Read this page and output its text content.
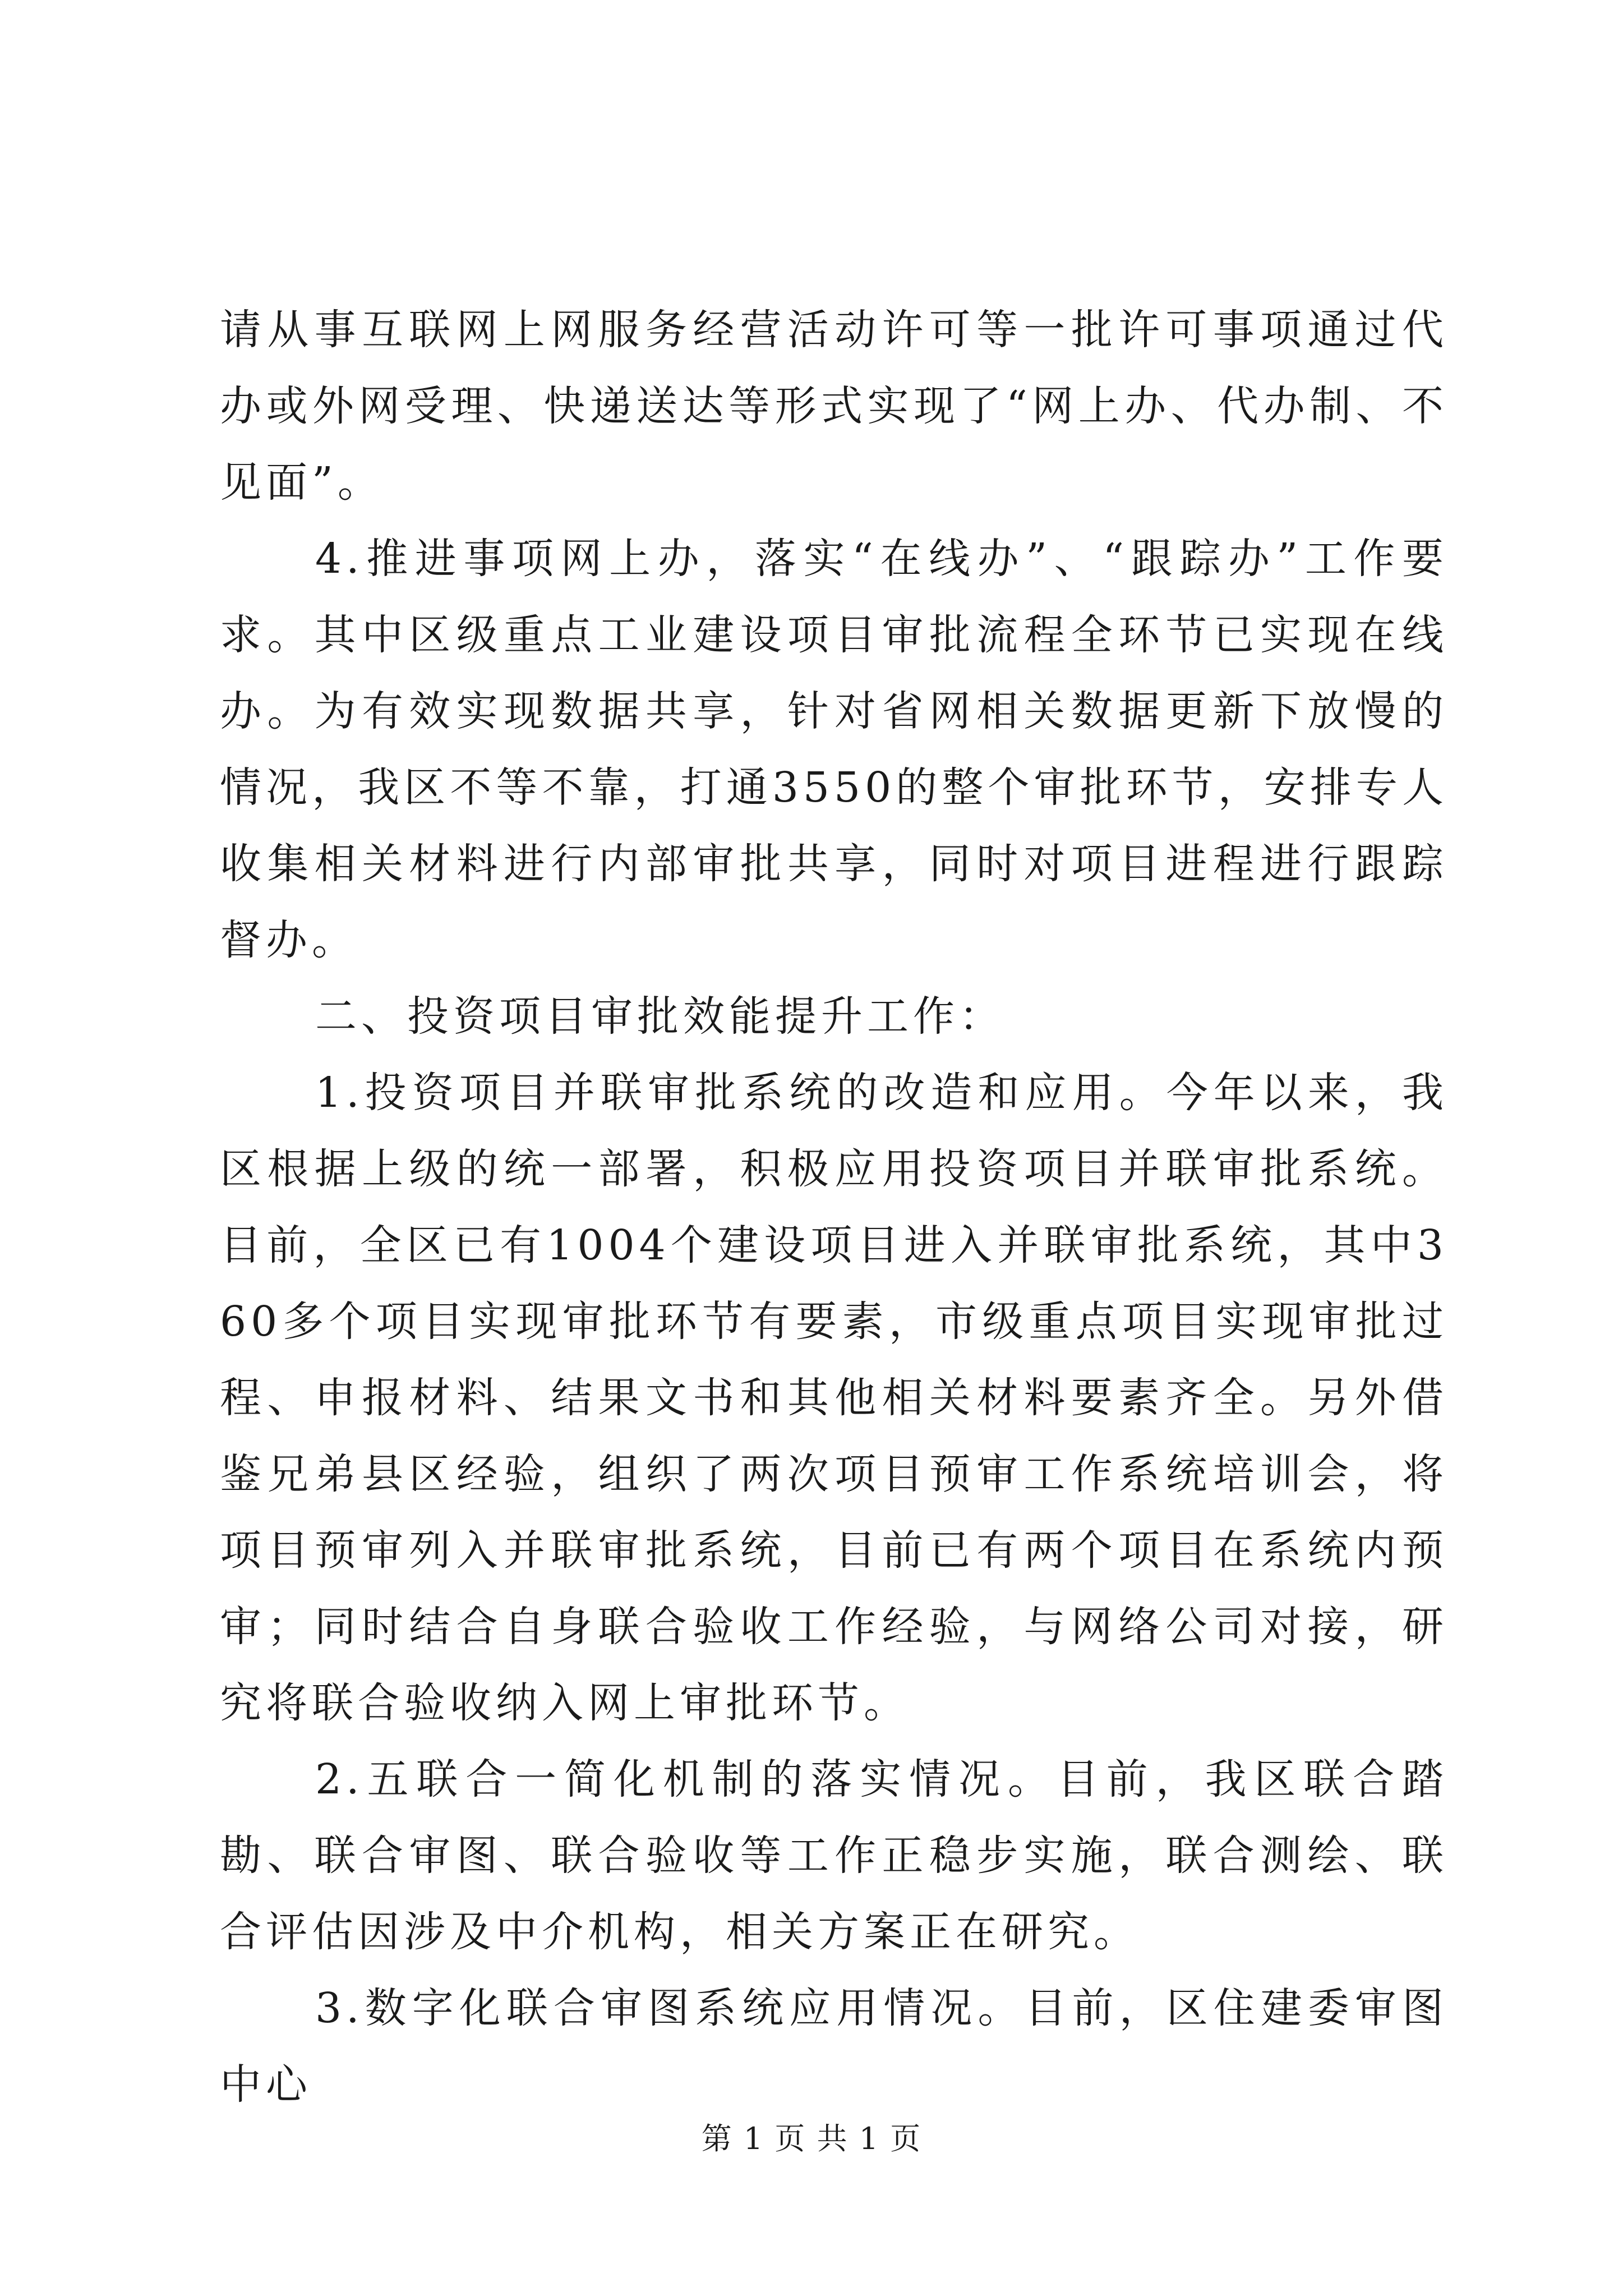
请从事互联网上网服务经营活动许可等一批许可事项通过代办或外网受理、快递送达等形式实现了“网上办、代办制、不见面”。

4.推进事项网上办，落实“在线办”、“跟踪办”工作要求。其中区级重点工业建设项目审批流程全环节已实现在线办。为有效实现数据共享，针对省网相关数据更新下放慢的情况，我区不等不靠，打通3550的整个审批环节，安排专人收集相关材料进行内部审批共享，同时对项目进程进行跟踪督办。

二、投资项目审批效能提升工作：

1.投资项目并联审批系统的改造和应用。今年以来，我区根据上级的统一部署，积极应用投资项目并联审批系统。目前，全区已有1004个建设项目进入并联审批系统，其中360多个项目实现审批环节有要素，市级重点项目实现审批过程、申报材料、结果文书和其他相关材料要素齐全。另外借鉴兄弟县区经验，组织了两次项目预审工作系统培训会，将项目预审列入并联审批系统，目前已有两个项目在系统内预审；同时结合自身联合验收工作经验，与网络公司对接，研究将联合验收纳入网上审批环节。

2.五联合一简化机制的落实情况。目前，我区联合踏勘、联合审图、联合验收等工作正稳步实施，联合测绘、联合评估因涉及中介机构，相关方案正在研究。

3.数字化联合审图系统应用情况。目前，区住建委审图中心

第 1 页 共 1 页
